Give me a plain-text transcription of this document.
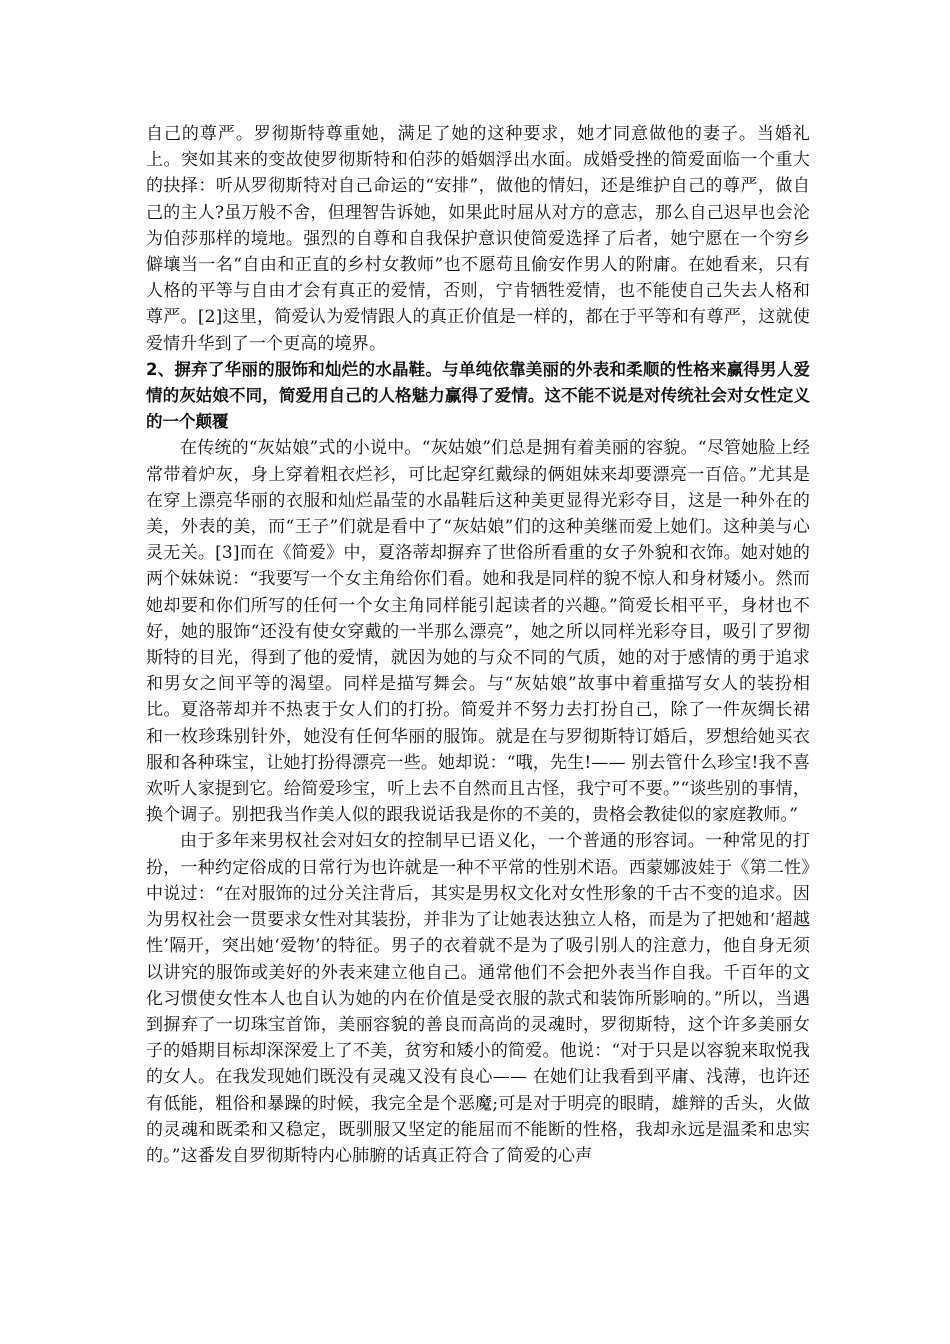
自己的尊严。罗彻斯特尊重她，满足了她的这种要求，她才同意做他的妻子。当婚礼上。突如其来的变故使罗彻斯特和伯莎的婚姻浮出水面。成婚受挫的简爱面临一个重大的抉择：听从罗彻斯特对自己命运的“安排”，做他的情妇，还是维护自己的尊严，做自己的主人?虽万般不舍，但理智告诉她，如果此时屈从对方的意志，那么自己迟早也会沦为伯莎那样的境地。强烈的自尊和自我保护意识使简爱选择了后者，她宁愿在一个穷乡僻壤当一名“自由和正直的乡村女教师”也不愿苟且偷安作男人的附庸。在她看来，只有人格的平等与自由才会有真正的爱情，否则，宁肯牺牲爱情，也不能使自己失去人格和尊严。[2]这里，简爱认为爱情跟人的真正价值是一样的，都在于平等和有尊严，这就使爱情升华到了一个更高的境界。

2、摒弃了华丽的服饰和灿烂的水晶鞋。与单纯依靠美丽的外表和柔顺的性格来赢得男人爱情的灰姑娘不同，简爱用自己的人格魅力赢得了爱情。这不能不说是对传统社会对女性定义的一个颠覆

在传统的“灰姑娘”式的小说中。“灰姑娘”们总是拥有着美丽的容貌。“尽管她脸上经常带着炉灰，身上穿着粗衣烂衫，可比起穿红戴绿的俩姐妹来却要漂亮一百倍。”尤其是在穿上漂亮华丽的衣服和灿烂晶莹的水晶鞋后这种美更显得光彩夺目，这是一种外在的美，外表的美，而“王子”们就是看中了“灰姑娘”们的这种美继而爱上她们。这种美与心灵无关。[3]而在《简爱》中，夏洛蒂却摒弃了世俗所看重的女子外貌和衣饰。她对她的两个妹妹说：“我要写一个女主角给你们看。她和我是同样的貌不惊人和身材矮小。然而她却要和你们所写的任何一个女主角同样能引起读者的兴趣。”简爱长相平平，身材也不好，她的服饰“还没有使女穿戴的一半那么漂亮”，她之所以同样光彩夺目，吸引了罗彻斯特的目光，得到了他的爱情，就因为她的与众不同的气质，她的对于感情的勇于追求和男女之间平等的渴望。同样是描写舞会。与“灰姑娘”故事中着重描写女人的装扮相比。夏洛蒂却并不热衷于女人们的打扮。简爱并不努力去打扮自己，除了一件灰绸长裙和一枚珍珠别针外，她没有任何华丽的服饰。就是在与罗彻斯特订婚后，罗想给她买衣服和各种珠宝，让她打扮得漂亮一些。她却说：“哦，先生!—— 别去管什么珍宝!我不喜欢听人家提到它。给简爱珍宝，听上去不自然而且古怪，我宁可不要。”“谈些别的事情，换个调子。别把我当作美人似的跟我说话我是你的不美的，贵格会教徒似的家庭教师。”

由于多年来男权社会对妇女的控制早已语义化，一个普通的形容词。一种常见的打扮，一种约定俗成的日常行为也许就是一种不平常的性别术语。西蒙娜波娃于《第二性》中说过：“在对服饰的过分关注背后，其实是男权文化对女性形象的千古不变的追求。因为男权社会一贯要求女性对其装扮，并非为了让她表达独立人格，而是为了把她和‘超越性’隔开，突出她‘爱物’的特征。男子的衣着就不是为了吸引别人的注意力，他自身无须以讲究的服饰或美好的外表来建立他自己。通常他们不会把外表当作自我。千百年的文化习惯使女性本人也自认为她的内在价值是受衣服的款式和装饰所影响的。”所以，当遇到摒弃了一切珠宝首饰，美丽容貌的善良而高尚的灵魂时，罗彻斯特，这个许多美丽女子的婚期目标却深深爱上了不美，贫穷和矮小的简爱。他说：“对于只是以容貌来取悦我的女人。在我发现她们既没有灵魂又没有良心—— 在她们让我看到平庸、浅薄，也许还有低能，粗俗和暴躁的时候，我完全是个恶魔;可是对于明亮的眼睛，雄辩的舌头，火做的灵魂和既柔和又稳定，既驯服又坚定的能屈而不能断的性格，我却永远是温柔和忠实的。”这番发自罗彻斯特内心肺腑的话真正符合了简爱的心声
